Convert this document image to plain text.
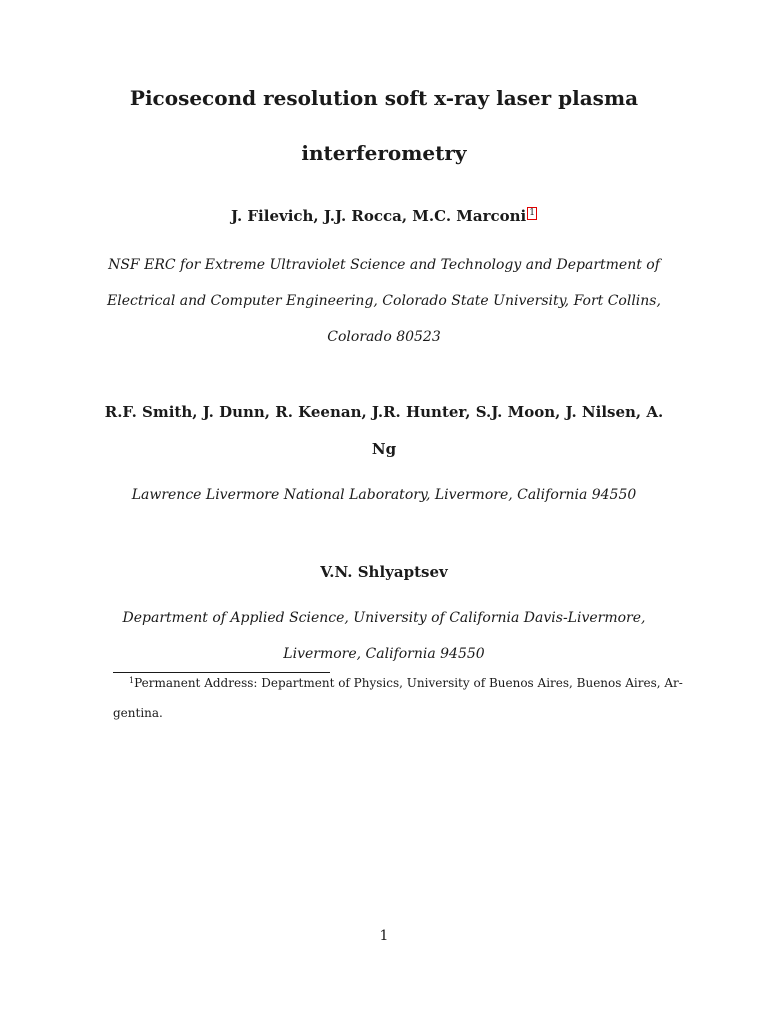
Picosecond resolution soft x-ray laser plasma
interferometry
J. Filevich, J.J. Rocca, M.C. Marconi 1
NSF ERC for Extreme Ultraviolet Science and Technology and Department of
Electrical and Computer Engineering, Colorado State University, Fort Collins,
Colorado 80523
R.F. Smith, J. Dunn, R. Keenan, J.R. Hunter, S.J. Moon, J. Nilsen, A.
Ng
Lawrence Livermore National Laboratory, Livermore, California 94550
V.N. Shlyaptsev
Department of Applied Science, University of California Davis-Livermore,
Livermore, California 94550
$^1$Permanent Address: Department of Physics, University of Buenos Aires, Buenos Aires, Ar-
gentina.
1
